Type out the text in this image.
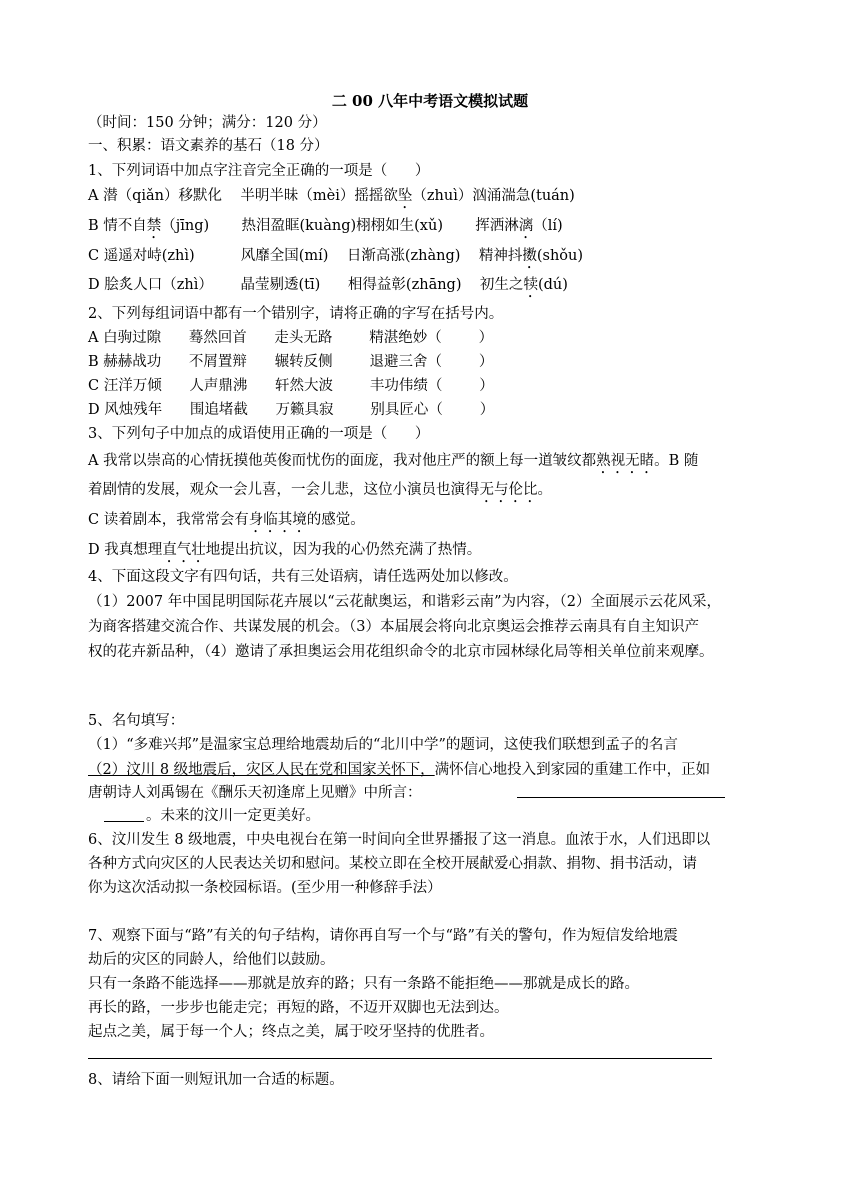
二 00 八年中考语文模拟试题
（时间：150 分钟；满分：120 分）
一、积累：语文素养的基石（18 分）
1、下列词语中加点字注音完全正确的一项是（      ）
A 潜（qiǎn）移默化    半明半昧（mèi）摇摇欲坠（zhuì）汹涌湍急(tuán)
B 情不自禁（jīng)       热泪盈眶(kuàng)栩栩如生(xǔ)       挥洒淋漓（lí)
C 遥遥对峙(zhì)          风靡全国(mí)    日渐高涨(zhàng)    精神抖擞(shǒu)
D 脍炙人口（zhì）      晶莹剔透(tī)      相得益彰(zhāng)    初生之犊(dú)
2、下列每组词语中都有一个错别字，请将正确的字写在括号内。
A 白驹过隙      蓦然回首      走头无路        精湛绝妙（        ）
B 赫赫战功      不屑置辩      辗转反侧        退避三舍（        ）
C 汪洋万倾      人声鼎沸      轩然大波        丰功伟绩（        ）
D 风烛残年      围追堵截      万籁具寂        别具匠心（        ）
3、下列句子中加点的成语使用正确的一项是（      ）
A 我常以崇高的心情抚摸他英俊而忧伤的面庞，我对他庄严的额上每一道皱纹都熟视无睹。B 随
着剧情的发展，观众一会儿喜，一会儿悲，这位小演员也演得无与伦比。
C 读着剧本，我常常会有身临其境的感觉。
D 我真想理直气壮地提出抗议，因为我的心仍然充满了热情。
4、下面这段文字有四句话，共有三处语病，请任选两处加以修改。
（1）2007 年中国昆明国际花卉展以“云花献奥运，和谐彩云南”为内容，（2）全面展示云花风采，
为商客搭建交流合作、共谋发展的机会。（3）本届展会将向北京奥运会推荐云南具有自主知识产
权的花卉新品种，（4）邀请了承担奥运会用花组织命令的北京市园林绿化局等相关单位前来观摩。
5、名句填写：
（1）“多难兴邦”是温家宝总理给地震劫后的“北川中学”的题词，这使我们联想到孟子的名言
（2）汶川 8 级地震后，灾区人民在党和国家关怀下，满怀信心地投入到家园的重建工作中，正如
唐朝诗人刘禹锡在《酬乐天初逢席上见赠》中所言：
。未来的汶川一定更美好。
6、汶川发生 8 级地震，中央电视台在第一时间向全世界播报了这一消息。血浓于水，人们迅即以
各种方式向灾区的人民表达关切和慰问。某校立即在全校开展献爱心捐款、捐物、捐书活动，请
你为这次活动拟一条校园标语。(至少用一种修辞手法）
7、观察下面与“路”有关的句子结构，请你再自写一个与“路”有关的警句，作为短信发给地震
劫后的灾区的同龄人，给他们以鼓励。
只有一条路不能选择——那就是放弃的路；只有一条路不能拒绝——那就是成长的路。
再长的路，一步步也能走完；再短的路，不迈开双脚也无法到达。
起点之美，属于每一个人；终点之美，属于咬牙坚持的优胜者。
8、请给下面一则短讯加一合适的标题。
